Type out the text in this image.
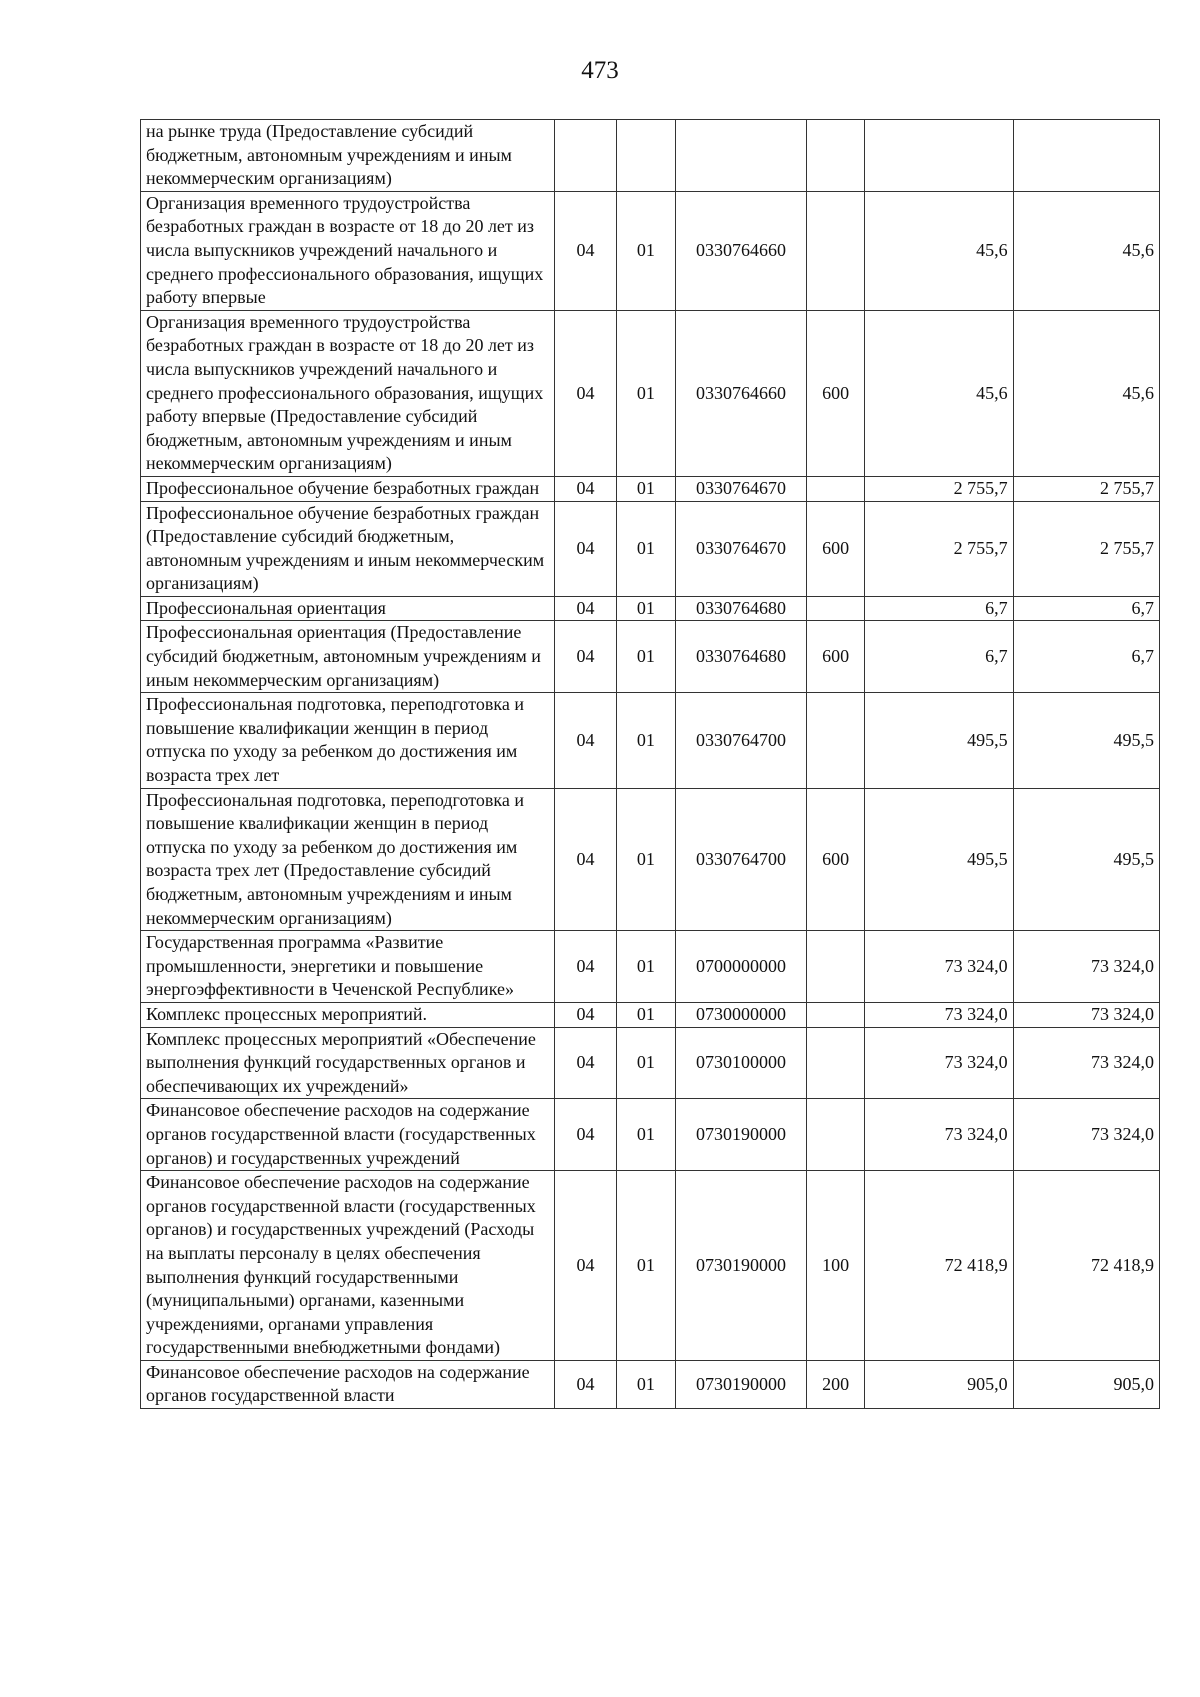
473
на рынке труда (Предоставление субсидий бюджетным, автономным учреждениям и иным некоммерческим организациям)						
Организация временного трудоустройства безработных граждан в возрасте от 18 до 20 лет из числа выпускников учреждений начального и среднего профессионального образования, ищущих работу впервые	04	01	0330764660		45,6	45,6
Организация временного трудоустройства безработных граждан в возрасте от 18 до 20 лет из числа выпускников учреждений начального и среднего профессионального образования, ищущих работу впервые (Предоставление субсидий бюджетным, автономным учреждениям и иным некоммерческим организациям)	04	01	0330764660	600	45,6	45,6
Профессиональное обучение безработных граждан	04	01	0330764670		2 755,7	2 755,7
Профессиональное обучение безработных граждан (Предоставление субсидий бюджетным, автономным учреждениям и иным некоммерческим организациям)	04	01	0330764670	600	2 755,7	2 755,7
Профессиональная ориентация	04	01	0330764680		6,7	6,7
Профессиональная ориентация (Предоставление субсидий бюджетным, автономным учреждениям и иным некоммерческим организациям)	04	01	0330764680	600	6,7	6,7
Профессиональная подготовка, переподготовка и повышение квалификации женщин в период отпуска по уходу за ребенком до достижения им возраста трех лет	04	01	0330764700		495,5	495,5
Профессиональная подготовка, переподготовка и повышение квалификации женщин в период отпуска по уходу за ребенком до достижения им возраста трех лет (Предоставление субсидий бюджетным, автономным учреждениям и иным некоммерческим организациям)	04	01	0330764700	600	495,5	495,5
Государственная программа «Развитие промышленности, энергетики и повышение энергоэффективности в Чеченской Республике»	04	01	0700000000		73 324,0	73 324,0
Комплекс процессных мероприятий.	04	01	0730000000		73 324,0	73 324,0
Комплекс процессных мероприятий «Обеспечение выполнения функций государственных органов и обеспечивающих их учреждений»	04	01	0730100000		73 324,0	73 324,0
Финансовое обеспечение расходов на содержание органов государственной власти (государственных органов) и государственных учреждений	04	01	0730190000		73 324,0	73 324,0
Финансовое обеспечение расходов на содержание органов государственной власти (государственных органов) и государственных учреждений (Расходы на выплаты персоналу в целях обеспечения выполнения функций государственными (муниципальными) органами, казенными учреждениями, органами управления государственными внебюджетными фондами)	04	01	0730190000	100	72 418,9	72 418,9
Финансовое обеспечение расходов на содержание органов государственной власти	04	01	0730190000	200	905,0	905,0
